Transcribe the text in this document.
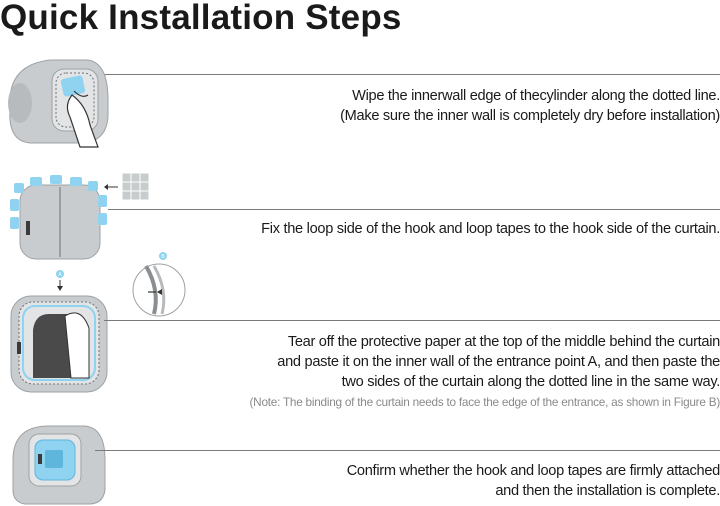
Quick Installation Steps
Wipe the innerwall edge of thecylinder along the dotted line.
(Make sure the inner wall is completely dry before installation)
Fix the loop side of the hook and loop tapes to the hook side of the curtain.
A
B
Tear off the protective paper at the top of the middle behind the curtain
and paste it on the inner wall of the entrance point A, and then paste the
two sides of the curtain along the dotted line in the same way.
(Note: The binding of the curtain needs to face the edge of the entrance, as shown in Figure B)
Confirm whether the hook and loop tapes are firmly attached
and then the installation is complete.
